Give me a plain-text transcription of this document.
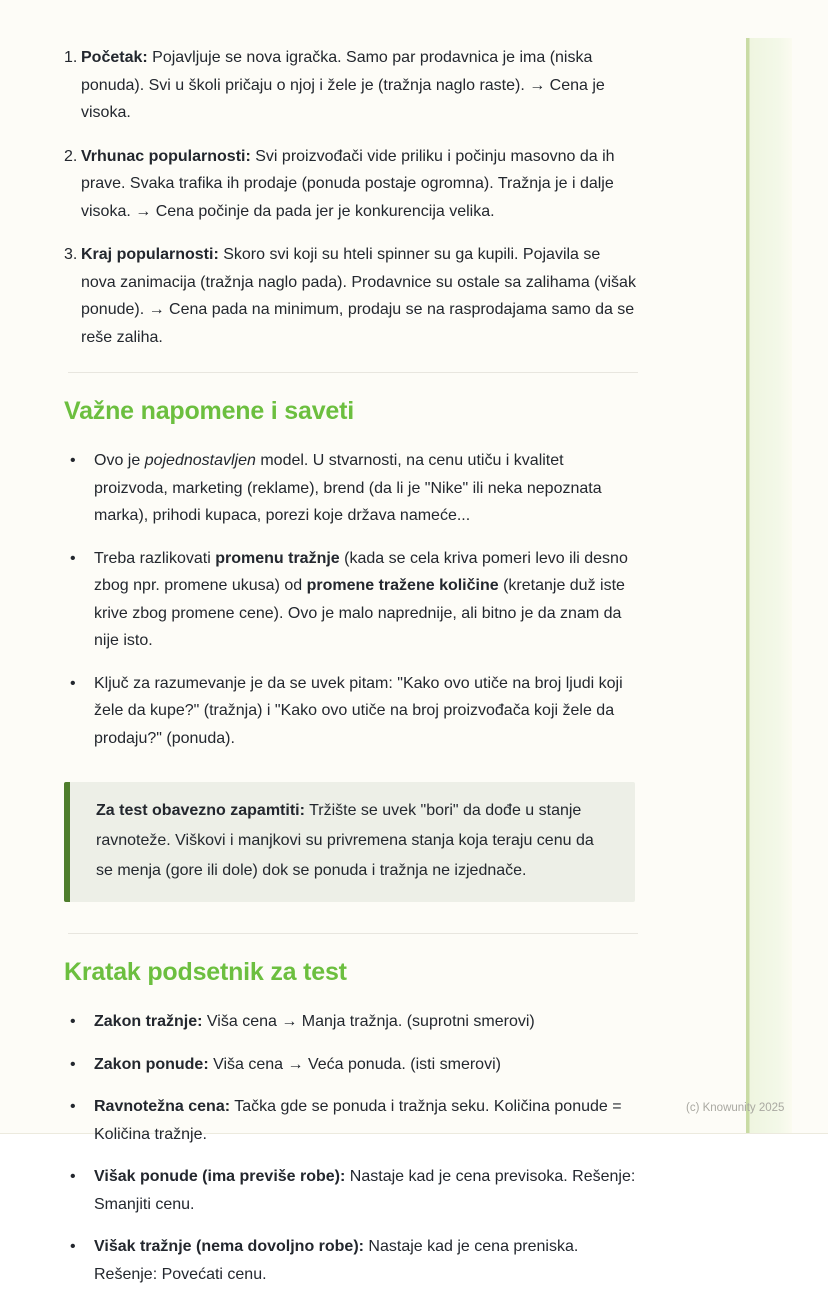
1. Početak: Pojavljuje se nova igračka. Samo par prodavnica je ima (niska ponuda). Svi u školi pričaju o njoj i žele je (tražnja naglo raste). → Cena je visoka.
2. Vrhunac popularnosti: Svi proizvođači vide priliku i počinju masovno da ih prave. Svaka trafika ih prodaje (ponuda postaje ogromna). Tražnja je i dalje visoka. → Cena počinje da pada jer je konkurencija velika.
3. Kraj popularnosti: Skoro svi koji su hteli spinner su ga kupili. Pojavila se nova zanimacija (tražnja naglo pada). Prodavnice su ostale sa zalihama (višak ponude). → Cena pada na minimum, prodaju se na rasprodajama samo da se reše zaliha.
Važne napomene i saveti
• Ovo je pojednostavljen model. U stvarnosti, na cenu utiču i kvalitet proizvoda, marketing (reklame), brend (da li je "Nike" ili neka nepoznata marka), prihodi kupaca, porezi koje država nameće...
• Treba razlikovati promenu tražnje (kada se cela kriva pomeri levo ili desno zbog npr. promene ukusa) od promene tražene količine (kretanje duž iste krive zbog promene cene). Ovo je malo naprednije, ali bitno je da znam da nije isto.
• Ključ za razumevanje je da se uvek pitam: "Kako ovo utiče na broj ljudi koji žele da kupe?" (tražnja) i "Kako ovo utiče na broj proizvođača koji žele da prodaju?" (ponuda).
Za test obavezno zapamtiti: Tržište se uvek "bori" da dođe u stanje ravnoteže. Viškovi i manjkovi su privremena stanja koja teraju cenu da se menja (gore ili dole) dok se ponuda i tražnja ne izjednače.
Kratak podsetnik za test
• Zakon tražnje: Viša cena → Manja tražnja. (suprotni smerovi)
• Zakon ponude: Viša cena → Veća ponuda. (isti smerovi)
• Ravnotežna cena: Tačka gde se ponuda i tražnja seku. Količina ponude = Količina tražnje.
• Višak ponude (ima previše robe): Nastaje kad je cena previsoka. Rešenje: Smanjiti cenu.
• Višak tražnje (nema dovoljno robe): Nastaje kad je cena preniska. Rešenje: Povećati cenu.
(c) Knowunity 2025
